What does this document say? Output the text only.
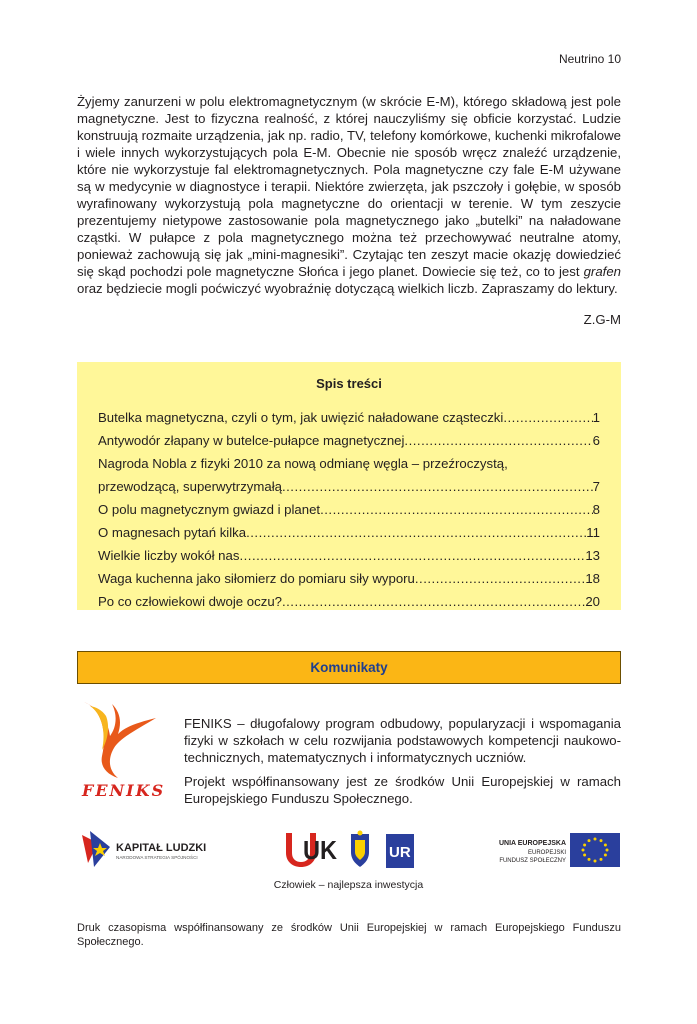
Neutrino 10

Żyjemy zanurzeni w polu elektromagnetycznym (w skrócie E-M), którego składową jest pole magnetyczne. Jest to fizyczna realność, z której nauczyliśmy się obficie korzystać. Ludzie konstruują rozmaite urządzenia, jak np. radio, TV, telefony komórkowe, kuchenki mikrofalowe i wiele innych wykorzystujących pola E-M. Obecnie nie sposób wręcz znaleźć urządzenie, które nie wykorzystuje fal elektromagnetycznych. Pola magnetyczne czy fale E-M używane są w medycynie w diagnostyce i terapii. Niektóre zwierzęta, jak pszczoły i gołębie, w sposób wyrafinowany wykorzystują pola magnetyczne do orientacji w terenie. W tym zeszycie prezentujemy nietypowe zastosowanie pola magnetycznego jako „butelki” na naładowane cząstki. W pułapce z pola magnetycznego można też przechowywać neutralne atomy, ponieważ zachowują się jak „mini-magnesiki”. Czytając ten zeszyt macie okazję dowiedzieć się skąd pochodzi pole magnetyczne Słońca i jego planet. Dowiecie się też, co to jest grafen oraz będziecie mogli poćwiczyć wyobraźnię dotyczącą wielkich liczb. Zapraszamy do lektury.

Z.G-M
Spis treści
Butelka magnetyczna, czyli o tym, jak uwięzić naładowane cząsteczki .....	1
Antywodór złapany w butelce-pułapce magnetycznej .....	6
Nagroda Nobla z fizyki 2010 za nową odmianę węgla – przeźroczystą,
przewodzącą, superwytrzymałą .....	7
O polu magnetycznym gwiazd i planet .....	8
O magnesach pytań kilka .....	11
Wielkie liczby wokół nas .....	13
Waga kuchenna jako siłomierz do pomiaru siły wyporu .....	18
Po co człowiekowi dwoje oczu? .....	20
Komunikaty
FENIKS

FENIKS – długofalowy program odbudowy, popularyzacji i wspomagania fizyki w szkołach w celu rozwijania podstawowych kompetencji naukowo-technicznych, matematycznych i informatycznych uczniów.

Projekt współfinansowany jest ze środków Unii Europejskiej w ramach Europejskiego Funduszu Społecznego.

KAPITAŁ LUDZKI
NARODOWA STRATEGIA SPÓJNOŚCI	UK	UR
UNIA EUROPEJSKA
EUROPEJSKI
FUNDUSZ SPOŁECZNY
Człowiek – najlepsza inwestycja

Druk czasopisma współfinansowany ze środków Unii Europejskiej w ramach Europejskiego Funduszu Społecznego.
